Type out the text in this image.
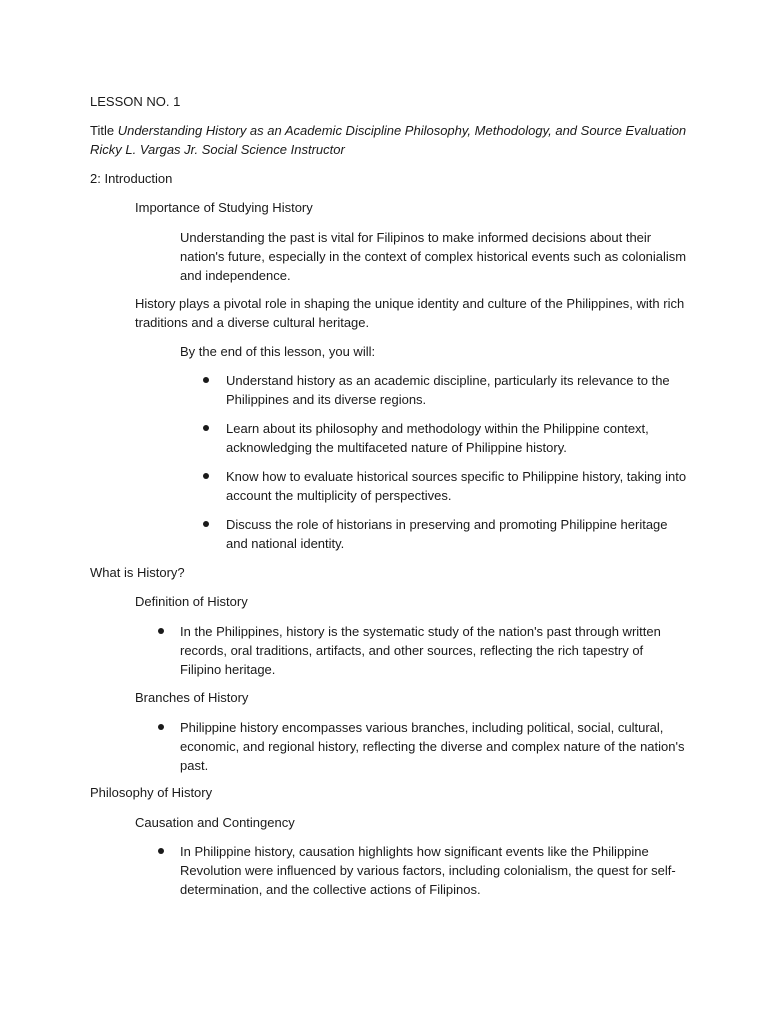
LESSON NO. 1
Title Understanding History as an Academic Discipline Philosophy, Methodology, and Source Evaluation
Ricky L. Vargas Jr. Social Science Instructor
2: Introduction
Importance of Studying History
Understanding the past is vital for Filipinos to make informed decisions about their
nation's future, especially in the context of complex historical events such as colonialism
and independence.
History plays a pivotal role in shaping the unique identity and culture of the Philippines, with rich
traditions and a diverse cultural heritage.
By the end of this lesson, you will:
Understand history as an academic discipline, particularly its relevance to the
Philippines and its diverse regions.
Learn about its philosophy and methodology within the Philippine context,
acknowledging the multifaceted nature of Philippine history.
Know how to evaluate historical sources specific to Philippine history, taking into
account the multiplicity of perspectives.
Discuss the role of historians in preserving and promoting Philippine heritage
and national identity.
What is History?
Definition of History
In the Philippines, history is the systematic study of the nation's past through written
records, oral traditions, artifacts, and other sources, reflecting the rich tapestry of
Filipino heritage.
Branches of History
Philippine history encompasses various branches, including political, social, cultural,
economic, and regional history, reflecting the diverse and complex nature of the nation's
past.
Philosophy of History
Causation and Contingency
In Philippine history, causation highlights how significant events like the Philippine
Revolution were influenced by various factors, including colonialism, the quest for self-
determination, and the collective actions of Filipinos.
